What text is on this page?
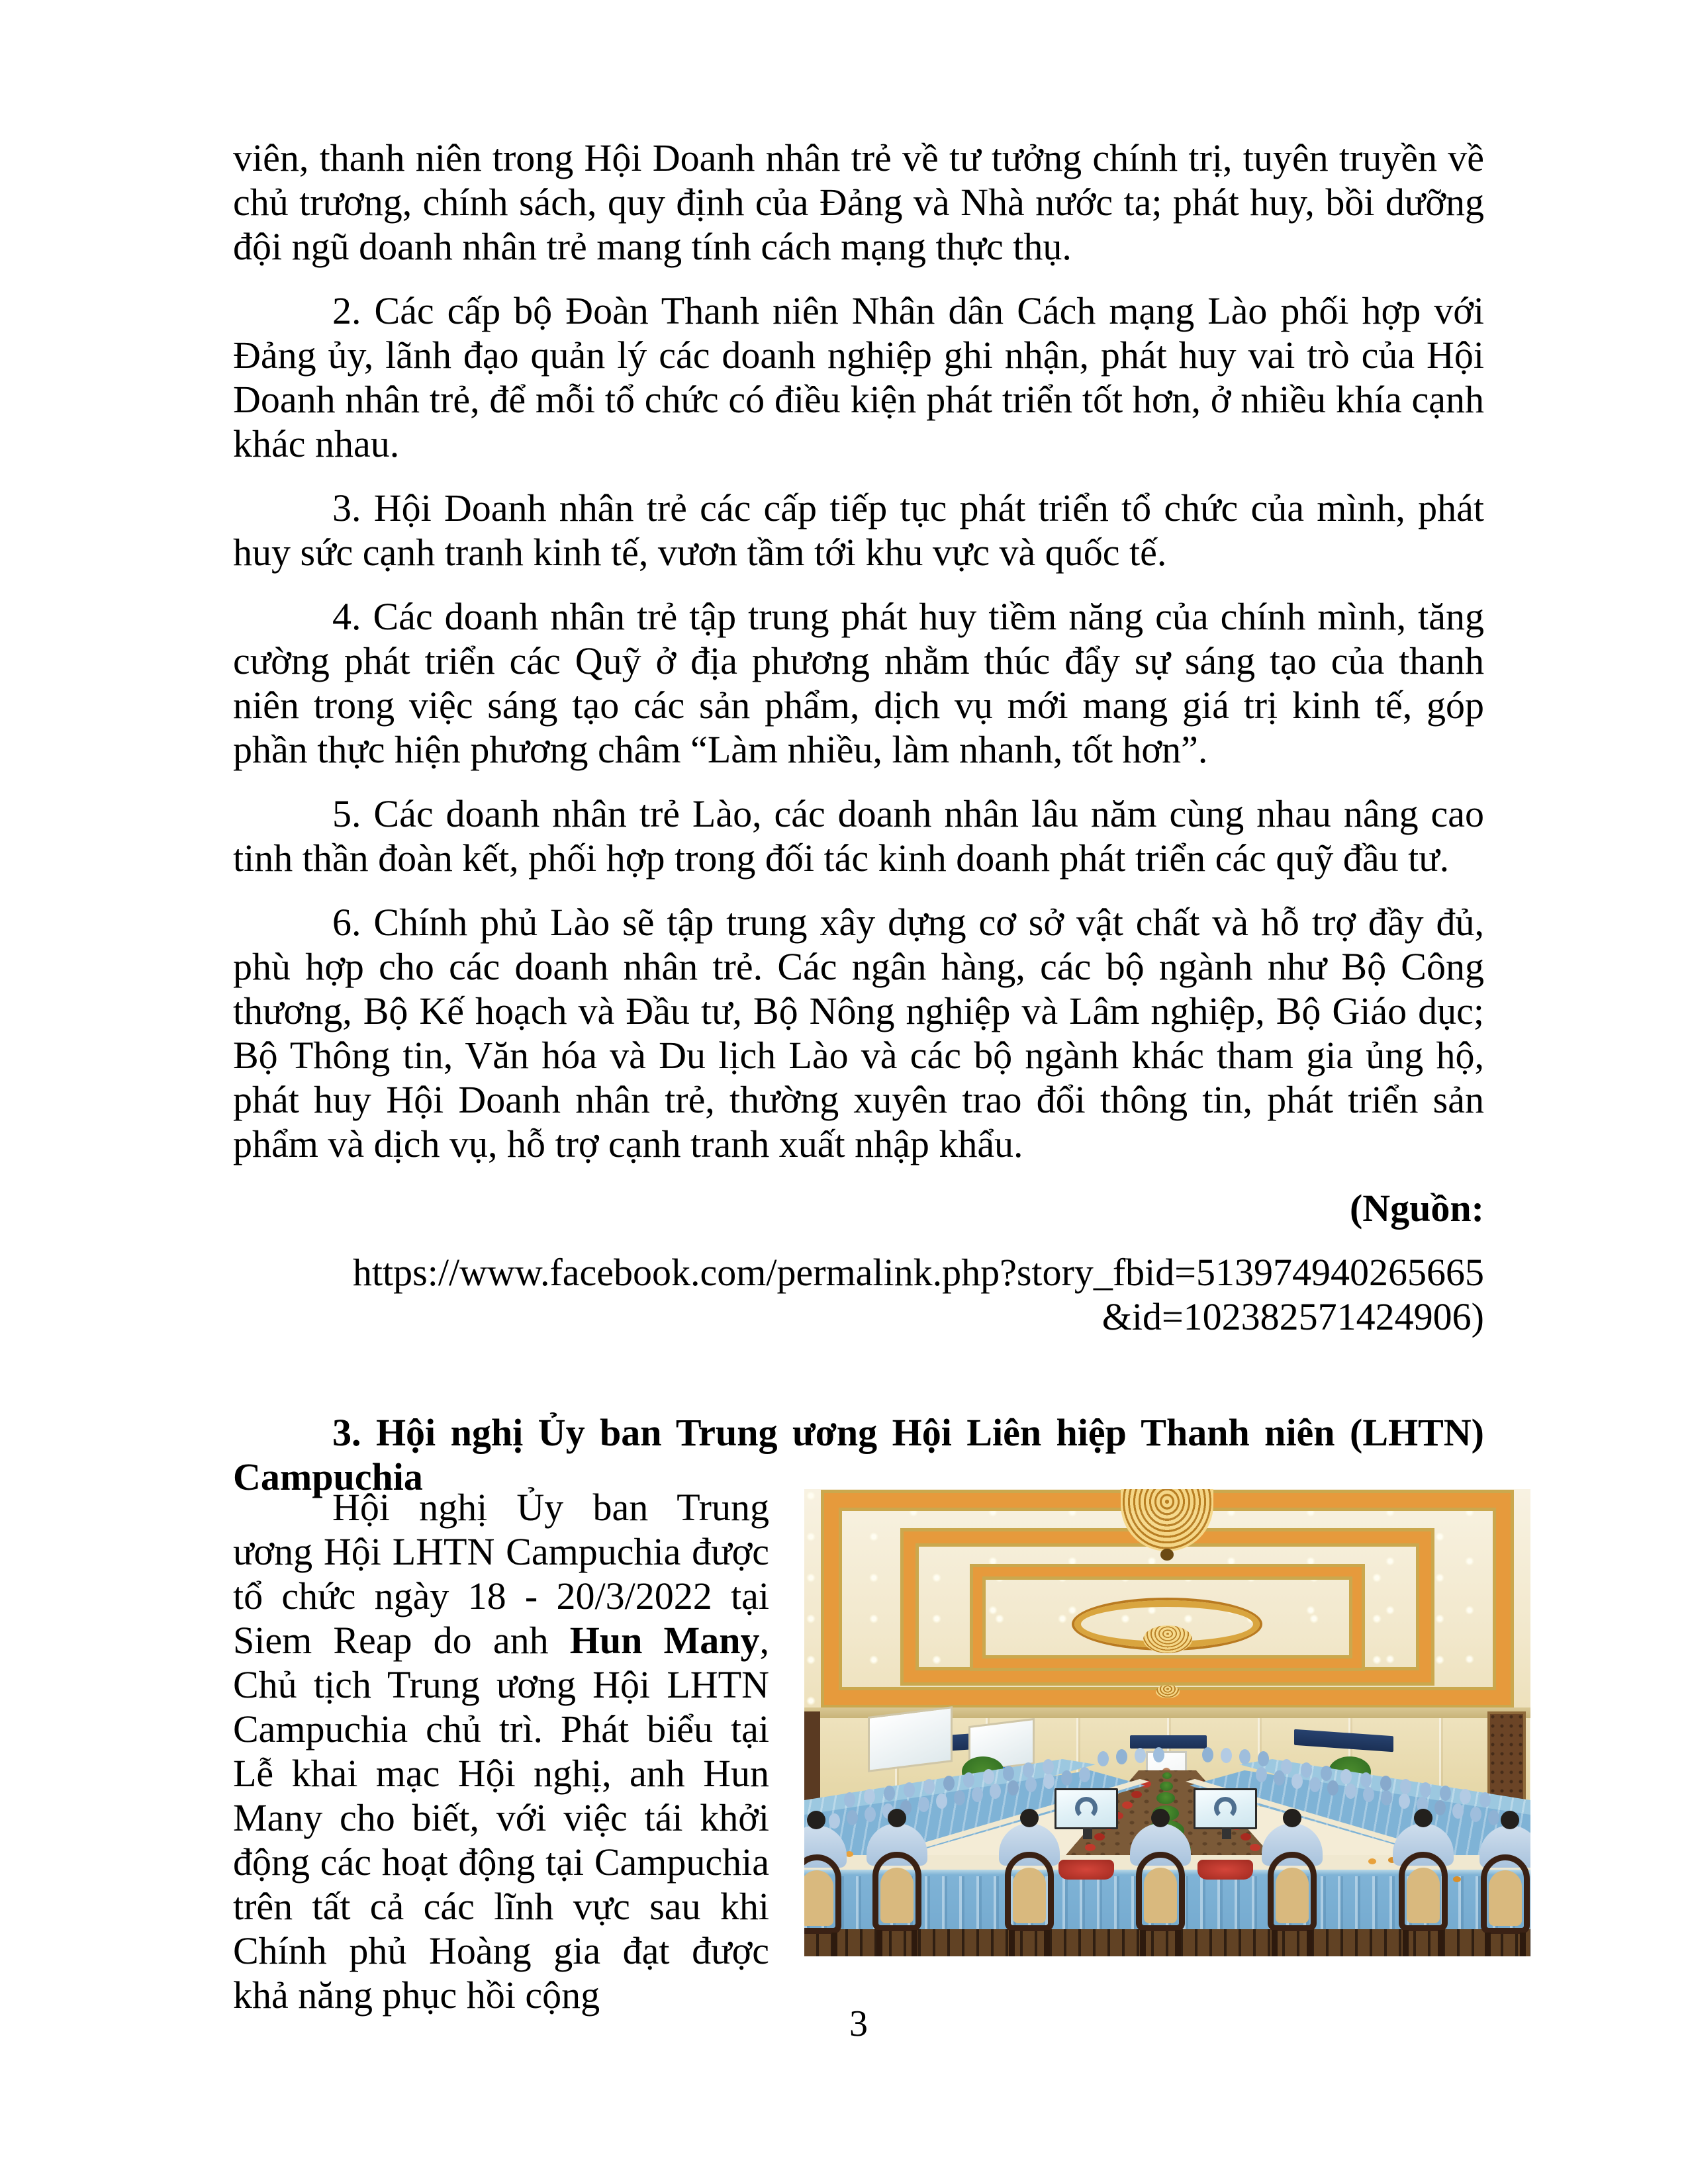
viên, thanh niên trong Hội Doanh nhân trẻ về tư tưởng chính trị, tuyên truyền về chủ trương, chính sách, quy định của Đảng và Nhà nước ta; phát huy, bồi dưỡng đội ngũ doanh nhân trẻ mang tính cách mạng thực thụ.

2. Các cấp bộ Đoàn Thanh niên Nhân dân Cách mạng Lào phối hợp với Đảng ủy, lãnh đạo quản lý các doanh nghiệp ghi nhận, phát huy vai trò của Hội Doanh nhân trẻ, để mỗi tổ chức có điều kiện phát triển tốt hơn, ở nhiều khía cạnh khác nhau.

3. Hội Doanh nhân trẻ các cấp tiếp tục phát triển tổ chức của mình, phát huy sức cạnh tranh kinh tế, vươn tầm tới khu vực và quốc tế.

4. Các doanh nhân trẻ tập trung phát huy tiềm năng của chính mình, tăng cường phát triển các Quỹ ở địa phương nhằm thúc đẩy sự sáng tạo của thanh niên trong việc sáng tạo các sản phẩm, dịch vụ mới mang giá trị kinh tế, góp phần thực hiện phương châm “Làm nhiều, làm nhanh, tốt hơn”.

5. Các doanh nhân trẻ Lào, các doanh nhân lâu năm cùng nhau nâng cao tinh thần đoàn kết, phối hợp trong đối tác kinh doanh phát triển các quỹ đầu tư.

6. Chính phủ Lào sẽ tập trung xây dựng cơ sở vật chất và hỗ trợ đầy đủ, phù hợp cho các doanh nhân trẻ. Các ngân hàng, các bộ ngành như Bộ Công thương, Bộ Kế hoạch và Đầu tư, Bộ Nông nghiệp và Lâm nghiệp, Bộ Giáo dục; Bộ Thông tin, Văn hóa và Du lịch Lào và các bộ ngành khác tham gia ủng hộ, phát huy Hội Doanh nhân trẻ, thường xuyên trao đổi thông tin, phát triển sản phẩm và dịch vụ, hỗ trợ cạnh tranh xuất nhập khẩu.

(Nguồn:

https://www.facebook.com/permalink.php?story_fbid=513974940265665&id=102382571424906)

3. Hội nghị Ủy ban Trung ương Hội Liên hiệp Thanh niên (LHTN) Campuchia
Hội nghị Ủy ban Trung ương Hội LHTN Campuchia được tổ chức ngày 18 - 20/3/2022 tại Siem Reap do anh Hun Many, Chủ tịch Trung ương Hội LHTN Campuchia chủ trì. Phát biểu tại Lễ khai mạc Hội nghị, anh Hun Many cho biết, với việc tái khởi động các hoạt động tại Campuchia trên tất cả các lĩnh vực sau khi Chính phủ Hoàng gia đạt được khả năng phục hồi cộng
3
